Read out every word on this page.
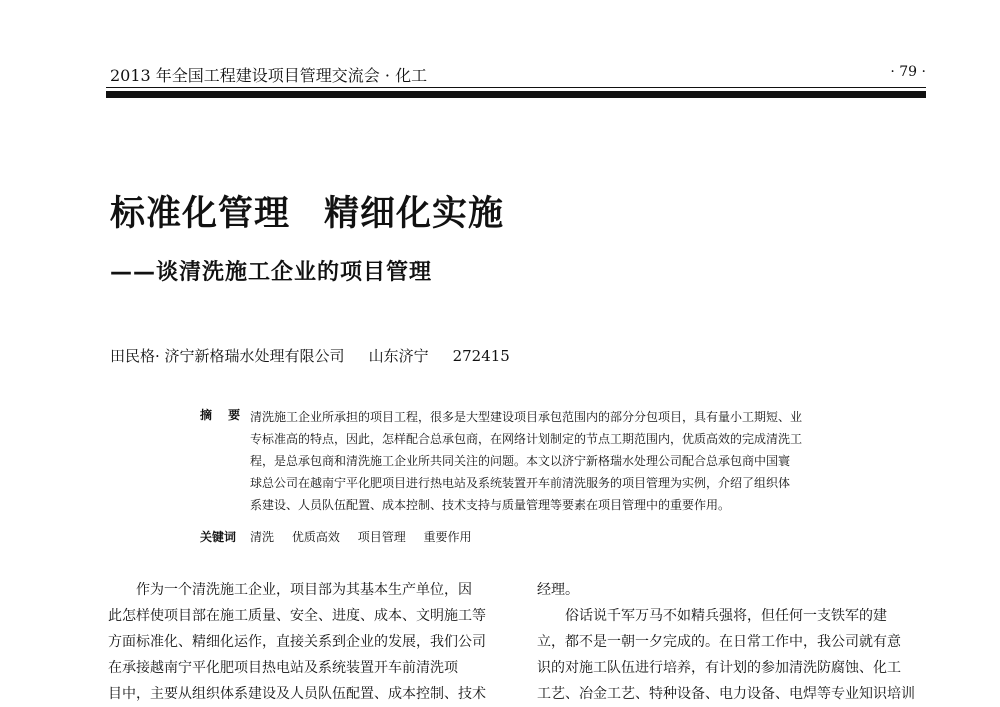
2013 年全国工程建设项目管理交流会 · 化工	· 79 ·
标准化管理 精细化实施
——谈清洗施工企业的项目管理
田民格· 济宁新格瑞水处理有限公司 山东济宁 272415
摘 要 清洗施工企业所承担的项目工程，很多是大型建设项目承包范围内的部分分包项目，具有量小工期短、业
专标准高的特点，因此，怎样配合总承包商，在网络计划制定的节点工期范围内，优质高效的完成清洗工
程，是总承包商和清洗施工企业所共同关注的问题。本文以济宁新格瑞水处理公司配合总承包商中国寰
球总公司在越南宁平化肥项目进行热电站及系统装置开车前清洗服务的项目管理为实例，介绍了组织体
系建设、人员队伍配置、成本控制、技术支持与质量管理等要素在项目管理中的重要作用。
关键词 清洗 优质高效 项目管理 重要作用
作为一个清洗施工企业，项目部为其基本生产单位，因
此怎样使项目部在施工质量、安全、进度、成本、文明施工等
方面标准化、精细化运作，直接关系到企业的发展，我们公司
在承接越南宁平化肥项目热电站及系统装置开车前清洗项
目中，主要从组织体系建设及人员队伍配置、成本控制、技术
经理。
俗话说千军万马不如精兵强将，但任何一支铁军的建
立，都不是一朝一夕完成的。在日常工作中，我公司就有意
识的对施工队伍进行培养，有计划的参加清洗防腐蚀、化工
工艺、冶金工艺、特种设备、电力设备、电焊等专业知识培训
